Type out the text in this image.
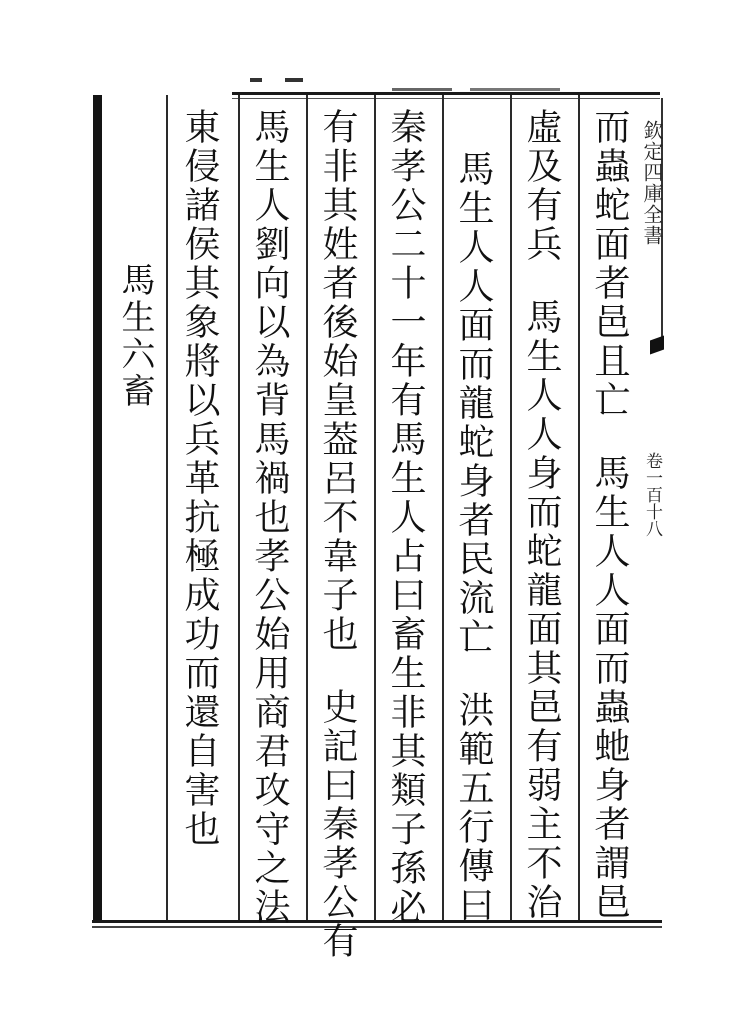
欽定四庫全書
卷一百十八
而蟲蛇面者邑且亡馬生人人面而蟲虵身者謂邑
虛及有兵馬生人人身而蛇龍面其邑有弱主不治
馬生人人面而龍蛇身者民流亡洪範五行傳曰
秦孝公二十一年有馬生人占曰畜生非其類子孫必
有非其姓者後始皇葢呂不韋子也史記曰秦孝公有
馬生人劉向以為背馬禍也孝公始用商君攻守之法
東侵諸侯其象將以兵革抗極成功而還自害也
馬生六畜
